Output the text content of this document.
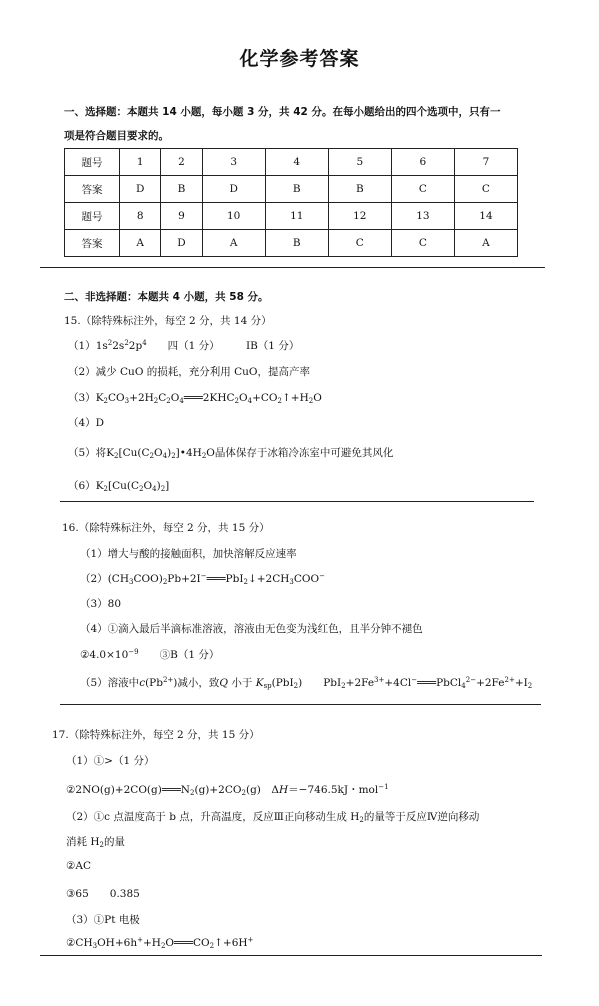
化学参考答案
一、选择题：本题共 14 小题，每小题 3 分，共 42 分。在每小题给出的四个选项中，只有一
项是符合题目要求的。
题号	1	2	3	4	5	6	7
答案	D	B	D	B	B	C	C
题号	8	9	10	11	12	13	14
答案	A	D	A	B	C	C	A
二、非选择题：本题共 4 小题，共 58 分。
15.（除特殊标注外，每空 2 分，共 14 分）
$(1)1s^22s^22p^4$　　 四（1 分）　　　	ⅠB（1 分）
（2）减少 CuO 的损耗，充分利用 CuO，提高产率
$(3)K_2CO_3+2H_2C_2O_4═══2KHC_2O_4+CO_2↑+H_2O$
（4）D
（5）将$K_2[Cu(C_2O_4)_2]•4H_2O$晶体保存于冰箱冷冻室中可避免其风化
$(6)K_2[Cu(C_2O_4)_2]$
16.（除特殊标注外，每空 2 分，共 15 分）
（1）增大与酸的接触面积，加快溶解反应速率
$(2)(CH_3COO)_2Pb+2I^-═══PbI_2↓+2CH_3COO^-$
（3）80
（4）①滴入最后半滴标准溶液，溶液由无色变为浅红色，且半分钟不褪色
$②4.0\times 10^{-9}$　　 ③B（1 分）
（5）溶液中$c(Pb^{2+})$减小，致Q 小于 $K_{sp}(PbI_2)$　　$PbI_2+2Fe^{3+}+4Cl^-═══PbCl_4^{2-}+2Fe^{2+}+I_2$
17.（除特殊标注外，每空 2 分，共 15 分）
（1）①>（1 分）
$②2NO(g)+2CO(g)═══N_2(g)+2CO_2(g)$　ΔH＝−746.5kJ・mol$^{-1}$
（2）①c 点温度高于 b 点，升高温度，反应Ⅲ正向移动生成 $H_2$的量等于反应Ⅳ逆向移动
消耗 $H_2$的量
②AC
③65　　0.385
（3）①Pt 电极
$②CH_3OH+6h^++H_2O═══CO_2↑+6H^+$
